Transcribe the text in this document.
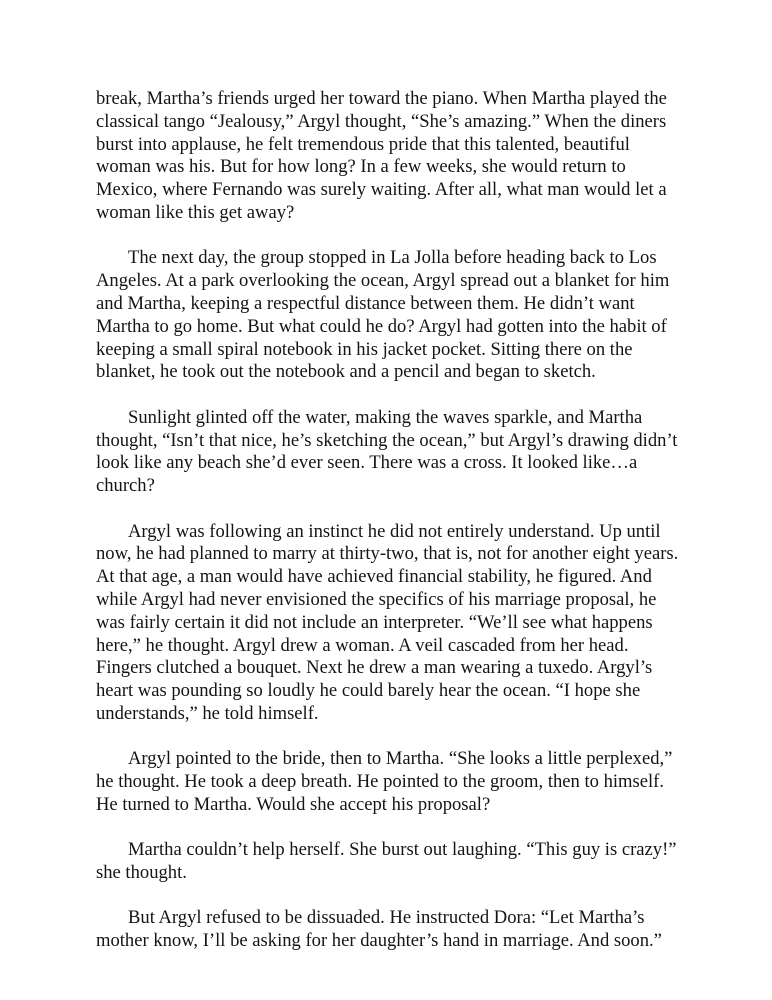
break, Martha’s friends urged her toward the piano. When Martha played the classical tango “Jealousy,” Argyl thought, “She’s amazing.” When the diners burst into applause, he felt tremendous pride that this talented, beautiful woman was his. But for how long? In a few weeks, she would return to Mexico, where Fernando was surely waiting. After all, what man would let a woman like this get away?

The next day, the group stopped in La Jolla before heading back to Los Angeles. At a park overlooking the ocean, Argyl spread out a blanket for him and Martha, keeping a respectful distance between them. He didn’t want Martha to go home. But what could he do? Argyl had gotten into the habit of keeping a small spiral notebook in his jacket pocket. Sitting there on the blanket, he took out the notebook and a pencil and began to sketch.

Sunlight glinted off the water, making the waves sparkle, and Martha thought, “Isn’t that nice, he’s sketching the ocean,” but Argyl’s drawing didn’t look like any beach she’d ever seen. There was a cross. It looked like…a church?

Argyl was following an instinct he did not entirely understand. Up until now, he had planned to marry at thirty-two, that is, not for another eight years. At that age, a man would have achieved financial stability, he figured. And while Argyl had never envisioned the specifics of his marriage proposal, he was fairly certain it did not include an interpreter. “We’ll see what happens here,” he thought. Argyl drew a woman. A veil cascaded from her head. Fingers clutched a bouquet. Next he drew a man wearing a tuxedo. Argyl’s heart was pounding so loudly he could barely hear the ocean. “I hope she understands,” he told himself.

Argyl pointed to the bride, then to Martha. “She looks a little perplexed,” he thought. He took a deep breath. He pointed to the groom, then to himself. He turned to Martha. Would she accept his proposal?

Martha couldn’t help herself. She burst out laughing. “This guy is crazy!” she thought.

But Argyl refused to be dissuaded. He instructed Dora: “Let Martha’s mother know, I’ll be asking for her daughter’s hand in marriage. And soon.”
